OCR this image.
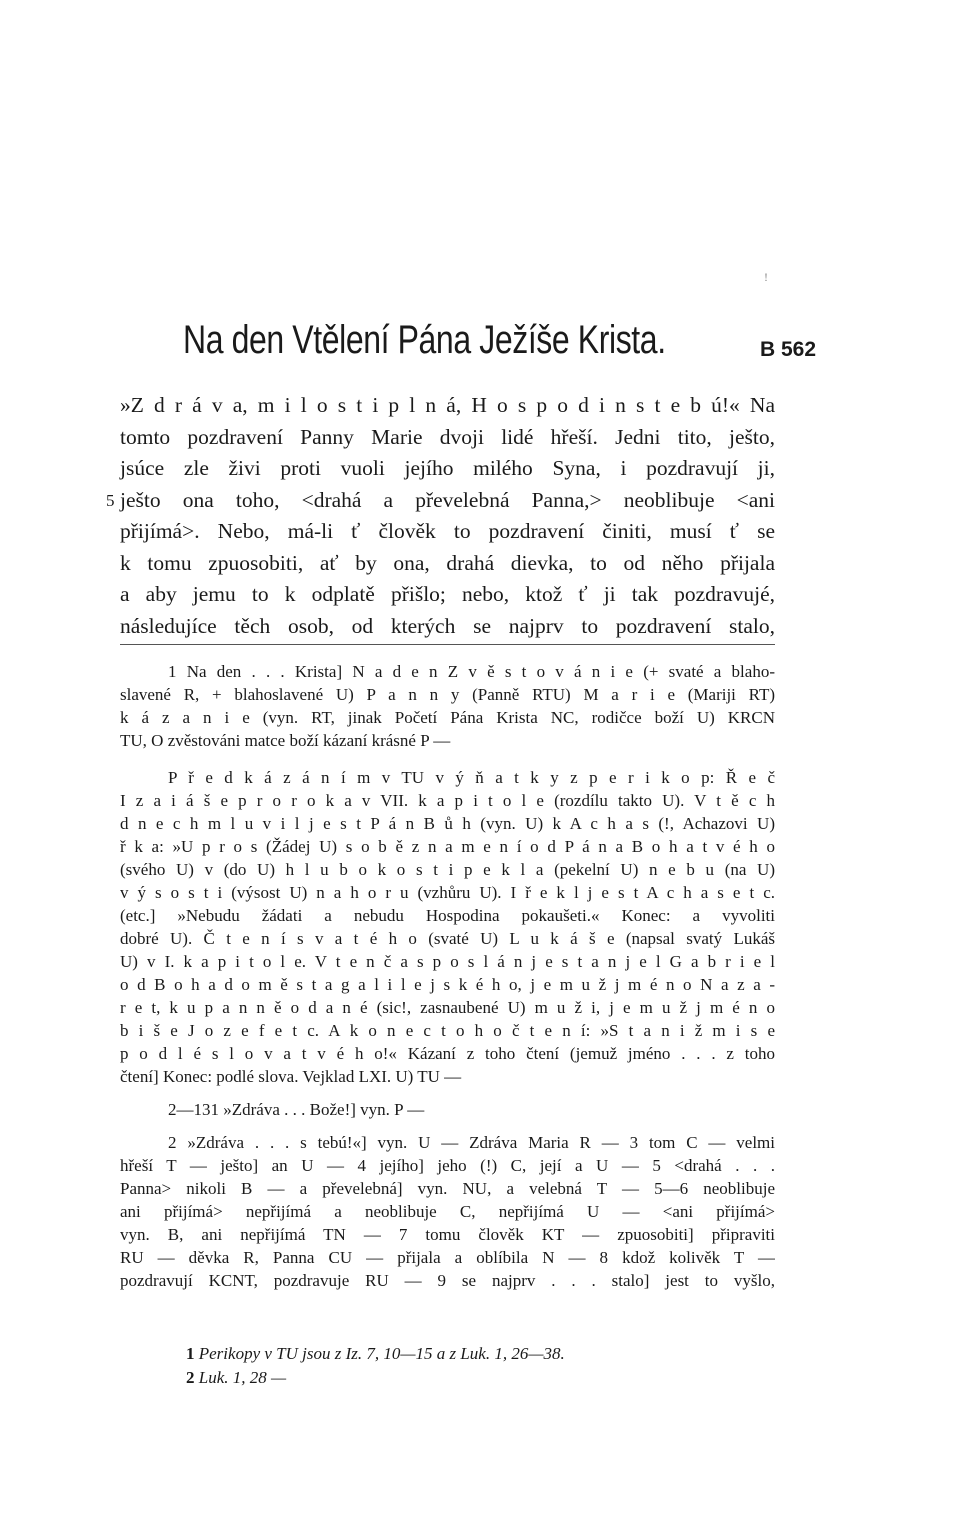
!
Na den Vtělení Pána Ježíše Krista.	B 562
»Z d r á v a, m i l o s t i p l n á, H o s p o d i n s t e b ú!« Na
tomto pozdravení Panny Marie dvoji lidé hřeší. Jedni tito, ješto,
jsúce zle živi proti vuoli jejího milého Syna, i pozdravují ji,
5 ješto ona toho, <drahá a převelebná Panna,> neoblibuje <ani
přijímá>. Nebo, má-li ť člověk to pozdravení činiti, musí ť se
k tomu zpuosobiti, ať by ona, drahá dievka, to od něho přijala
a aby jemu to k odplatě přišlo; nebo, ktož ť ji tak pozdravujé,
následujíce těch osob, od kterých se najprv to pozdravení stalo,
1 Na den . . . Krista] N a d e n Z v ě s t o v á n i e (+ svaté a blaho-
slavené R, + blahoslavené U) P a n n y (Panně RTU) M a r i e (Mariji RT)
k á z a n i e (vyn. RT, jinak Početí Pána Krista NC, rodičce boží U) KRCN
TU, O zvěstováni matce boží kázaní krásné P —
P ř e d k á z á n í m v TU v ý ň a t k y z p e r i k o p: Ř e č
I z a i á š e p r o r o k a v VII. k a p i t o l e (rozdílu takto U). V t ě c h
d n e c h m l u v i l j e s t P á n B ů h (vyn. U) k A c h a s (!, Achazovi U)
ř k a: »U p r o s (Žádej U) s o b ě z n a m e n í o d P á n a B o h a t v é h o
(svého U) v (do U) h l u b o k o s t i p e k l a (pekelní U) n e b u (na U)
v ý s o s t i (výsost U) n a h o r u (vzhůru U). I ř e k l j e s t A c h a s e t c.
(etc.] »Nebudu žádati a nebudu Hospodina pokaušeti.« Konec: a vyvoliti
dobré U). Č t e n í s v a t é h o (svaté U) L u k á š e (napsal svatý Lukáš
U) v I. k a p i t o l e. V t e n č a s p o s l á n j e s t a n j e l G a b r i e l
o d B o h a d o m ě s t a g a l i l e j s k é h o, j e m u ž j m é n o N a z a -
r e t, k u p a n n ě o d a n é (sic!, zasnaubené U) m u ž i, j e m u ž j m é n o
b i š e J o z e f e t c. A k o n e c t o h o č t e n í: »S t a n i ž m i s e
p o d l é s l o v a t v é h o!« Kázaní z toho čtení (jemuž jméno . . . z toho
čtení] Konec: podlé slova. Vejklad LXI. U) TU —
2—131 »Zdráva . . . Bože!] vyn. P —
2 »Zdráva . . . s tebú!«] vyn. U — Zdráva Maria R — 3 tom C — velmi
hřeší T — ješto] an U — 4 jejího] jeho (!) C, její a U — 5 <drahá . . .
Panna> nikoli B — a převelebná] vyn. NU, a velebná T — 5—6 neoblibuje
ani přijímá> nepřijímá a neoblibuje C, nepřijímá U — <ani přijímá>
vyn. B, ani nepřijímá TN — 7 tomu člověk KT — zpuosobiti] připraviti
RU — děvka R, Panna CU — přijala a oblíbila N — 8 kdož kolivěk T —
pozdravují KCNT, pozdravuje RU — 9 se najprv . . . stalo] jest to vyšlo,
1 Perikopy v TU jsou z Iz. 7, 10—15 a z Luk. 1, 26—38.
2 Luk. 1, 28 —
